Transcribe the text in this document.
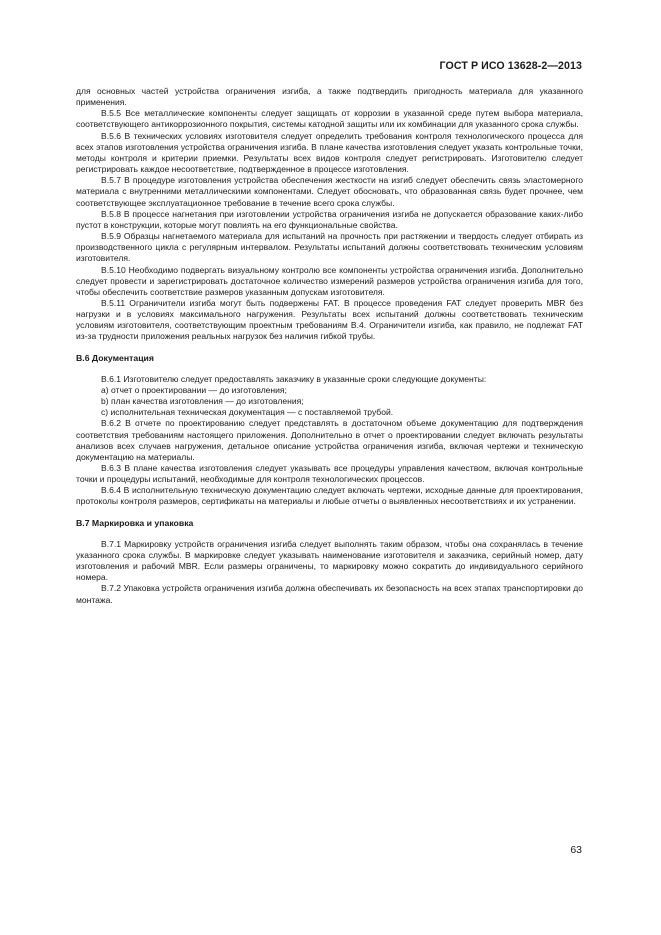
ГОСТ Р ИСО 13628-2—2013

для основных частей устройства ограничения изгиба, а также подтвердить пригодность материала для указанного применения.

B.5.5 Все металлические компоненты следует защищать от коррозии в указанной среде путем выбора материала, соответствующего антикоррозионного покрытия, системы катодной защиты или их комбинации для указанного срока службы.

B.5.6 В технических условиях изготовителя следует определить требования контроля технологического процесса для всех этапов изготовления устройства ограничения изгиба. В плане качества изготовления следует указать контрольные точки, методы контроля и критерии приемки. Результаты всех видов контроля следует регистрировать. Изготовителю следует регистрировать каждое несоответствие, подтвержденное в процессе изготовления.

B.5.7 В процедуре изготовления устройства обеспечения жесткости на изгиб следует обеспечить связь эластомерного материала с внутренними металлическими компонентами. Следует обосновать, что образованная связь будет прочнее, чем соответствующее эксплуатационное требование в течение всего срока службы.

B.5.8 В процессе нагнетания при изготовлении устройства ограничения изгиба не допускается образование каких-либо пустот в конструкции, которые могут повлиять на его функциональные свойства.

B.5.9 Образцы нагнетаемого материала для испытаний на прочность при растяжении и твердость следует отбирать из производственного цикла с регулярным интервалом. Результаты испытаний должны соответствовать техническим условиям изготовителя.

B.5.10 Необходимо подвергать визуальному контролю все компоненты устройства ограничения изгиба. Дополнительно следует провести и зарегистрировать достаточное количество измерений размеров устройства ограничения изгиба для того, чтобы обеспечить соответствие размеров указанным допускам изготовителя.

B.5.11 Ограничители изгиба могут быть подвержены FAT. В процессе проведения FAT следует проверить MBR без нагрузки и в условиях максимального нагружения. Результаты всех испытаний должны соответствовать техническим условиям изготовителя, соответствующим проектным требованиям B.4. Ограничители изгиба, как правило, не подлежат FAT из-за трудности приложения реальных нагрузок без наличия гибкой трубы.

B.6 Документация

B.6.1 Изготовителю следует предоставлять заказчику в указанные сроки следующие документы:

a) отчет о проектировании — до изготовления;

b) план качества изготовления — до изготовления;

c) исполнительная техническая документация — с поставляемой трубой.

B.6.2 В отчете по проектированию следует представлять в достаточном объеме документацию для подтверждения соответствия требованиям настоящего приложения. Дополнительно в отчет о проектировании следует включать результаты анализов всех случаев нагружения, детальное описание устройства ограничения изгиба, включая чертежи и техническую документацию на материалы.

B.6.3 В плане качества изготовления следует указывать все процедуры управления качеством, включая контрольные точки и процедуры испытаний, необходимые для контроля технологических процессов.

B.6.4 В исполнительную техническую документацию следует включать чертежи, исходные данные для проектирования, протоколы контроля размеров, сертификаты на материалы и любые отчеты о выявленных несоответствиях и их устранении.

B.7 Маркировка и упаковка

B.7.1 Маркировку устройств ограничения изгиба следует выполнять таким образом, чтобы она сохранялась в течение указанного срока службы. В маркировке следует указывать наименование изготовителя и заказчика, серийный номер, дату изготовления и рабочий MBR. Если размеры ограничены, то маркировку можно сократить до индивидуального серийного номера.

B.7.2 Упаковка устройств ограничения изгиба должна обеспечивать их безопасность на всех этапах транспортировки до монтажа.

63
